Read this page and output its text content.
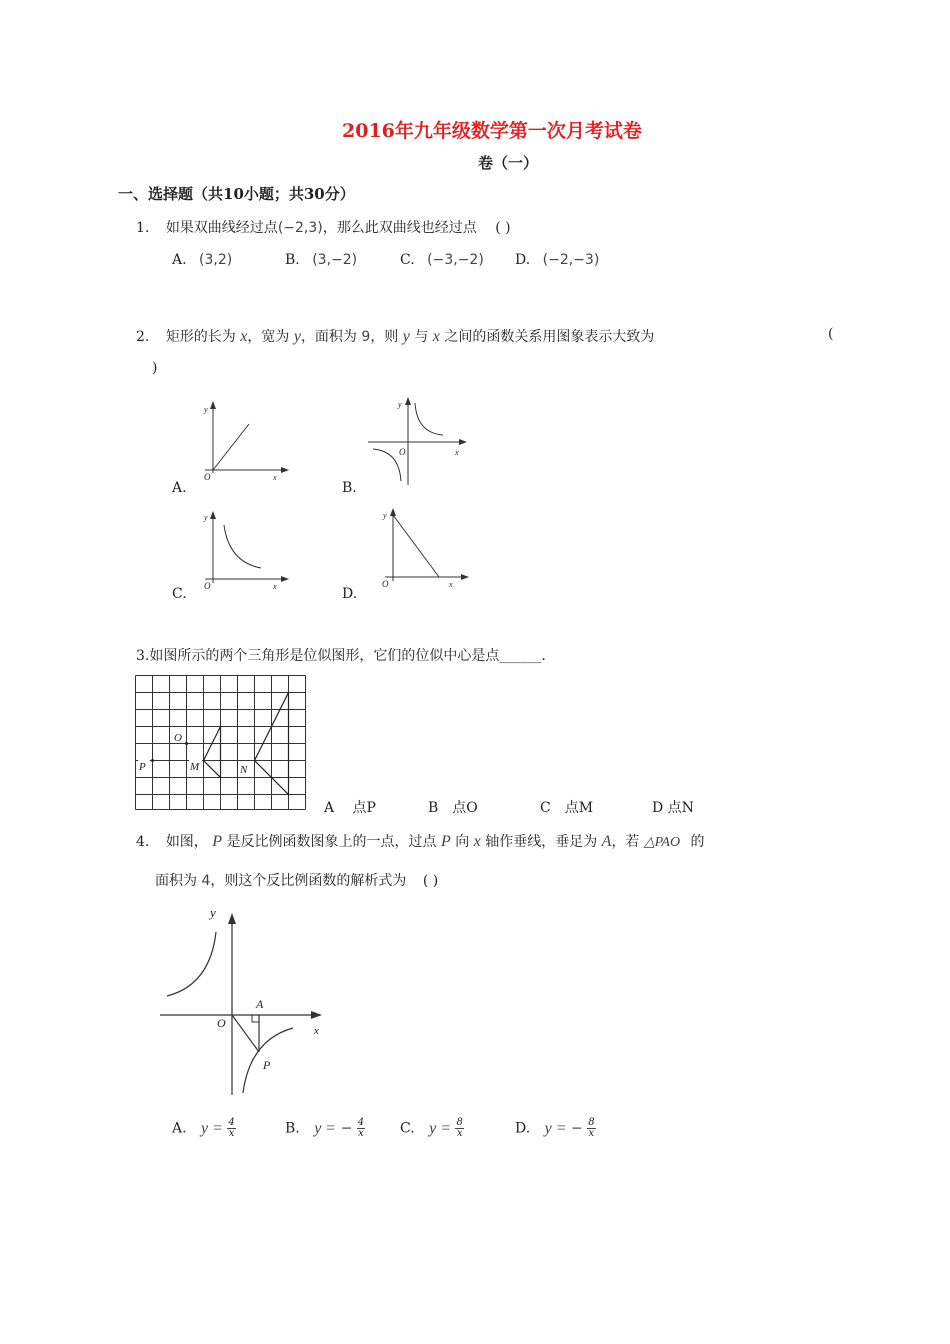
2016年九年级数学第一次月考试卷
卷（一）
一、选择题（共10小题；共30分）
1. 如果双曲线经过点(−2,3)，那么此双曲线也经过点 ( )
A. (3,2)	B. (3,−2)	C. (−3,−2) D. (−2,−3)
2. 矩形的长为 x，宽为 y，面积为 9，则 y 与 x 之间的函数关系用图象表示大致为	(
)
y
x
O
A.
y
x
O
B.
y
x
O
C.
y
x
O
D.
3.如图所示的两个三角形是位似图形，它们的位似中心是点______.
O
P	M	N
A　 点P	B　点O	C　点M	D 点N
4. 如图， P 是反比例函数图象上的一点，过点 P 向 x 轴作垂线，垂足为 A，若 △PAO 的
面积为 4，则这个反比例函数的解析式为 ( )
y
x
O
A
P
A. $y = \frac{4}{x}$	B. y = − $\frac{4}{x} C$. $y = \frac{8}{x}$	D. y = − $\frac{8}{x}$
